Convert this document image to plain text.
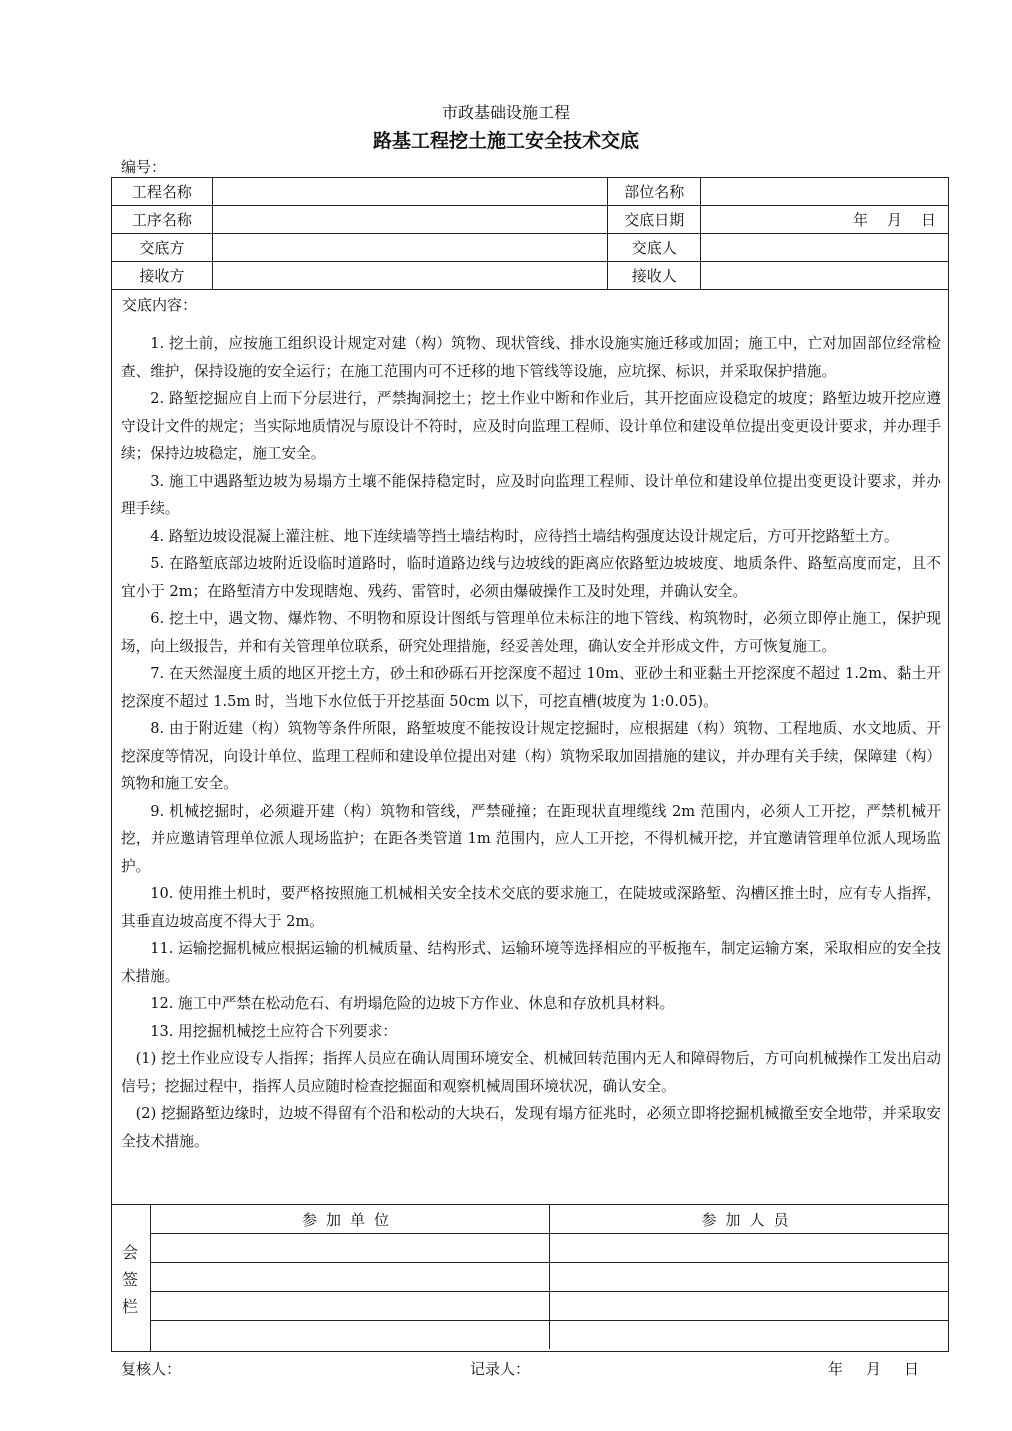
市政基础设施工程
路基工程挖土施工安全技术交底
编号：
工程名称		部位名称	
工序名称		交底日期	年　月　日
交底方		交底人	
接收方		接收人	
交底内容：

1. 挖土前，应按施工组织设计规定对建（构）筑物、现状管线、排水设施实施迁移或加固；施工中，亡对加固部位经常检查、维护，保持设施的安全运行；在施工范围内可不迁移的地下管线等设施，应坑探、标识，并采取保护措施。

2. 路堑挖掘应自上而下分层进行，严禁掏洞挖土；挖土作业中断和作业后，其开挖面应设稳定的坡度；路堑边坡开挖应遵守设计文件的规定；当实际地质情况与原设计不符时，应及时向监理工程师、设计单位和建设单位提出变更设计要求，并办理手续；保持边坡稳定，施工安全。

3. 施工中遇路堑边坡为易塌方土壤不能保持稳定时，应及时向监理工程师、设计单位和建设单位提出变更设计要求，并办理手续。

4. 路堑边坡设混凝上灌注桩、地下连续墙等挡土墙结构时，应待挡土墙结构强度达设计规定后，方可开挖路堑土方。

5. 在路堑底部边坡附近设临时道路时，临时道路边线与边坡线的距离应依路堑边坡坡度、地质条件、路堑高度而定，且不宜小于 2m；在路堑清方中发现瞎炮、残药、雷管时，必须由爆破操作工及时处理，并确认安全。

6. 挖土中，遇文物、爆炸物、不明物和原设计图纸与管理单位未标注的地下管线、构筑物时，必须立即停止施工，保护现场，向上级报告，并和有关管理单位联系，研究处理措施，经妥善处理，确认安全并形成文件，方可恢复施工。

7. 在天然湿度土质的地区开挖土方，砂土和砂砾石开挖深度不超过 10m、亚砂土和亚黏土开挖深度不超过 1.2m、黏土开挖深度不超过 1.5m 时，当地下水位低于开挖基面 50cm 以下，可挖直槽(坡度为 1:0.05)。

8. 由于附近建（构）筑物等条件所限，路堑坡度不能按设计规定挖掘时，应根据建（构）筑物、工程地质、水文地质、开挖深度等情况，向设计单位、监理工程师和建设单位提出对建（构）筑物采取加固措施的建议，并办理有关手续，保障建（构）筑物和施工安全。

9. 机械挖掘时，必须避开建（构）筑物和管线，严禁碰撞；在距现状直埋缆线 2m 范围内，必须人工开挖，严禁机械开挖，并应邀请管理单位派人现场监护；在距各类管道 1m 范围内，应人工开挖，不得机械开挖，并宜邀请管理单位派人现场监护。

10. 使用推土机时，要严格按照施工机械相关安全技术交底的要求施工，在陡坡或深路堑、沟槽区推土时，应有专人指挥，其垂直边坡高度不得大于 2m。

11. 运输挖掘机械应根据运输的机械质量、结构形式、运输环境等选择相应的平板拖车，制定运输方案，采取相应的安全技术措施。

12. 施工中严禁在松动危石、有坍塌危险的边坡下方作业、休息和存放机具材料。

13. 用挖掘机械挖土应符合下列要求：

(1) 挖土作业应设专人指挥；指挥人员应在确认周围环境安全、机械回转范围内无人和障碍物后，方可向机械操作工发出启动信号；挖掘过程中，指挥人员应随时检查挖掘面和观察机械周围环境状况，确认安全。

(2) 挖掘路堑边缘时，边坡不得留有个沿和松动的大块石，发现有塌方征兆时，必须立即将挖掘机械撤至安全地带，并采取安全技术措施。

会
签
栏
参加单位	参加人员

复核人：	记录人：	年　月　日
